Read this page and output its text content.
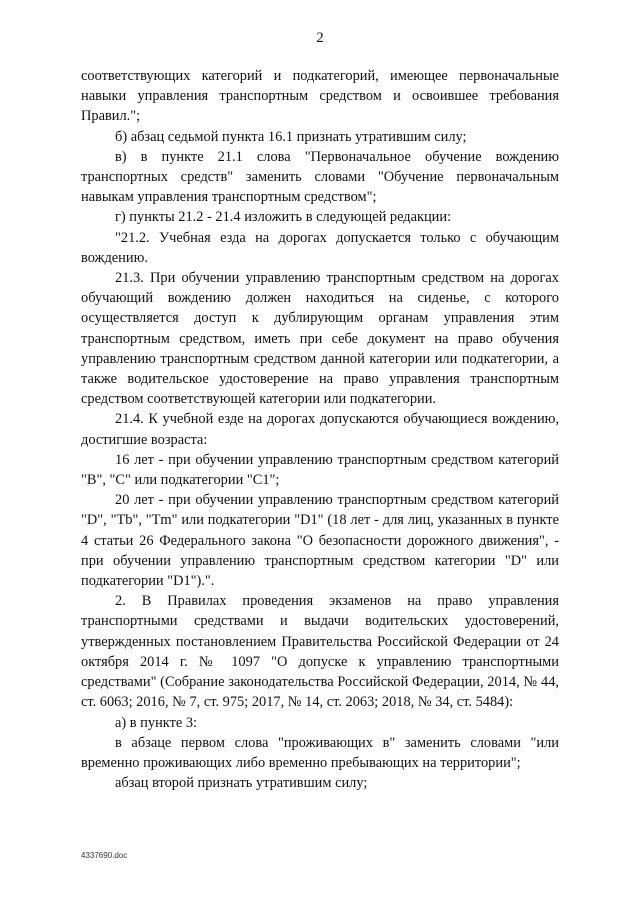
2

соответствующих категорий и подкатегорий, имеющее первоначальные навыки управления транспортным средством и освоившее требования Правил.";

б) абзац седьмой пункта 16.1 признать утратившим силу;

в) в пункте 21.1 слова "Первоначальное обучение вождению транспортных средств" заменить словами "Обучение первоначальным навыкам управления транспортным средством";

г) пункты 21.2 - 21.4 изложить в следующей редакции:

"21.2. Учебная езда на дорогах допускается только с обучающим вождению.

21.3. При обучении управлению транспортным средством на дорогах обучающий вождению должен находиться на сиденье, с которого осуществляется доступ к дублирующим органам управления этим транспортным средством, иметь при себе документ на право обучения управлению транспортным средством данной категории или подкатегории, а также водительское удостоверение на право управления транспортным средством соответствующей категории или подкатегории.

21.4. К учебной езде на дорогах допускаются обучающиеся вождению, достигшие возраста:

16 лет - при обучении управлению транспортным средством категорий "B", "C" или подкатегории "C1";

20 лет - при обучении управлению транспортным средством категорий "D", "Tb", "Tm" или подкатегории "D1" (18 лет - для лиц, указанных в пункте 4 статьи 26 Федерального закона "О безопасности дорожного движения", - при обучении управлению транспортным средством категории "D" или подкатегории "D1").".

2. В Правилах проведения экзаменов на право управления транспортными средствами и выдачи водительских удостоверений, утвержденных постановлением Правительства Российской Федерации от 24 октября 2014 г. № 1097 "О допуске к управлению транспортными средствами" (Собрание законодательства Российской Федерации, 2014, № 44, ст. 6063; 2016, № 7, ст. 975; 2017, № 14, ст. 2063; 2018, № 34, ст. 5484):

а) в пункте 3:

в абзаце первом слова "проживающих в" заменить словами "или временно проживающих либо временно пребывающих на территории";

абзац второй признать утратившим силу;

4337690.doc
